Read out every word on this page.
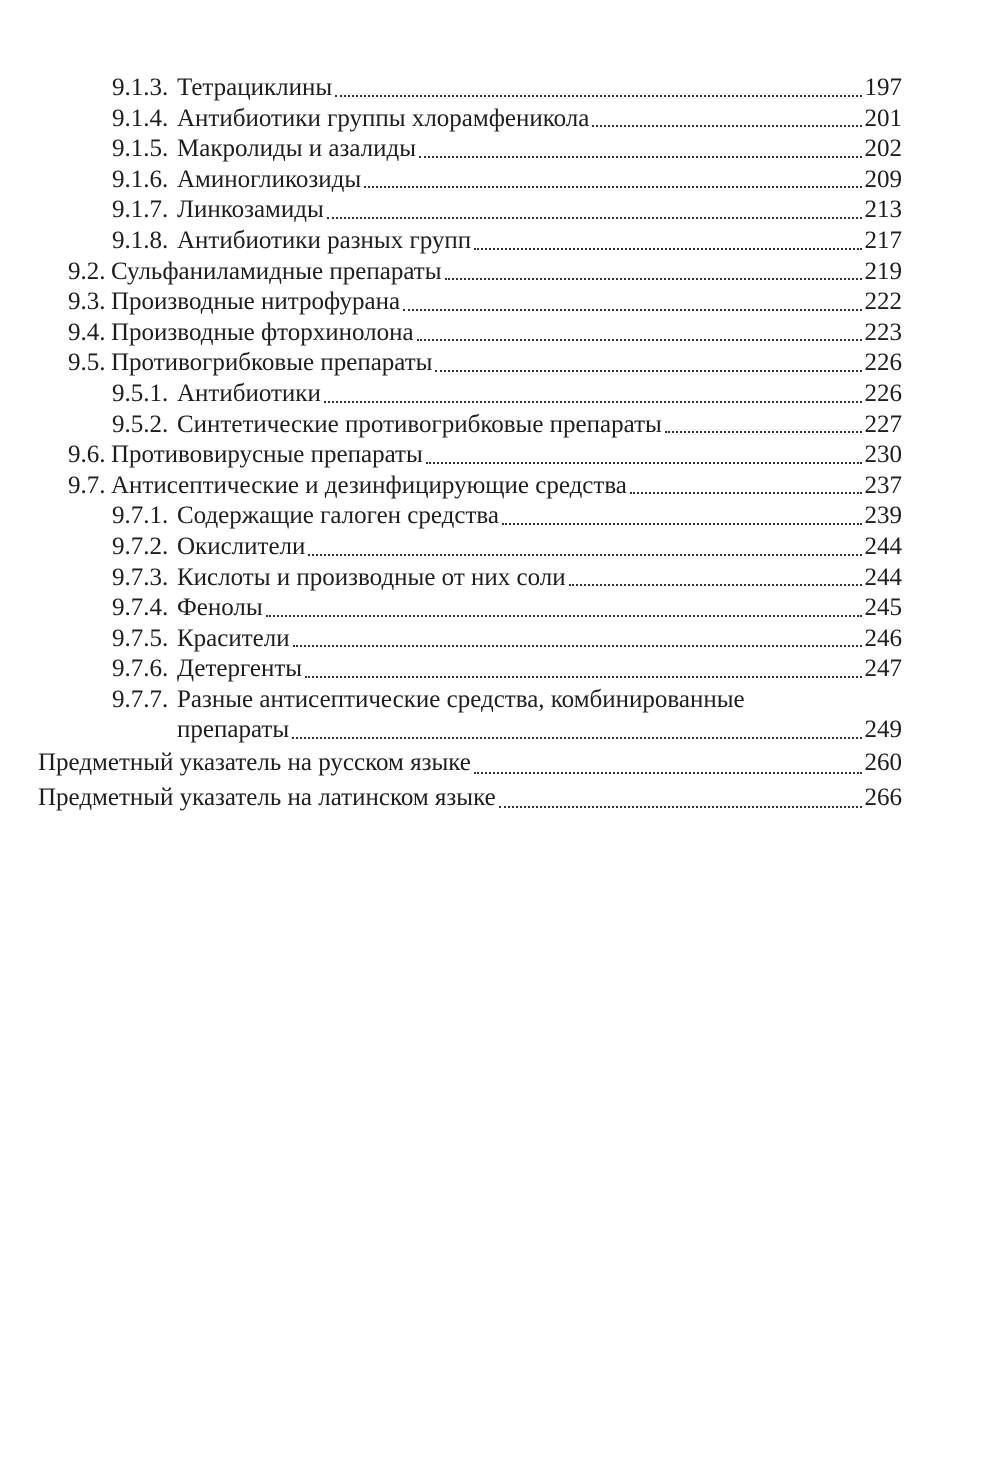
9.1.3. Тетрациклины	197
9.1.4. Антибиотики группы хлорамфеникола	201
9.1.5. Макролиды и азалиды	202
9.1.6. Аминогликозиды	209
9.1.7. Линкозамиды	213
9.1.8. Антибиотики разных групп	217
9.2. Сульфаниламидные препараты	219
9.3. Производные нитрофурана	222
9.4. Производные фторхинолона	223
9.5. Противогрибковые препараты	226
9.5.1. Антибиотики	226
9.5.2. Синтетические противогрибковые препараты	227
9.6. Противовирусные препараты	230
9.7. Антисептические и дезинфицирующие средства	237
9.7.1. Содержащие галоген средства	239
9.7.2. Окислители	244
9.7.3. Кислоты и производные от них соли	244
9.7.4. Фенолы	245
9.7.5. Красители	246
9.7.6. Детергенты	247
9.7.7. Разные антисептические средства, комбинированные
препараты	249
Предметный указатель на русском языке	260
Предметный указатель на латинском языке	266
